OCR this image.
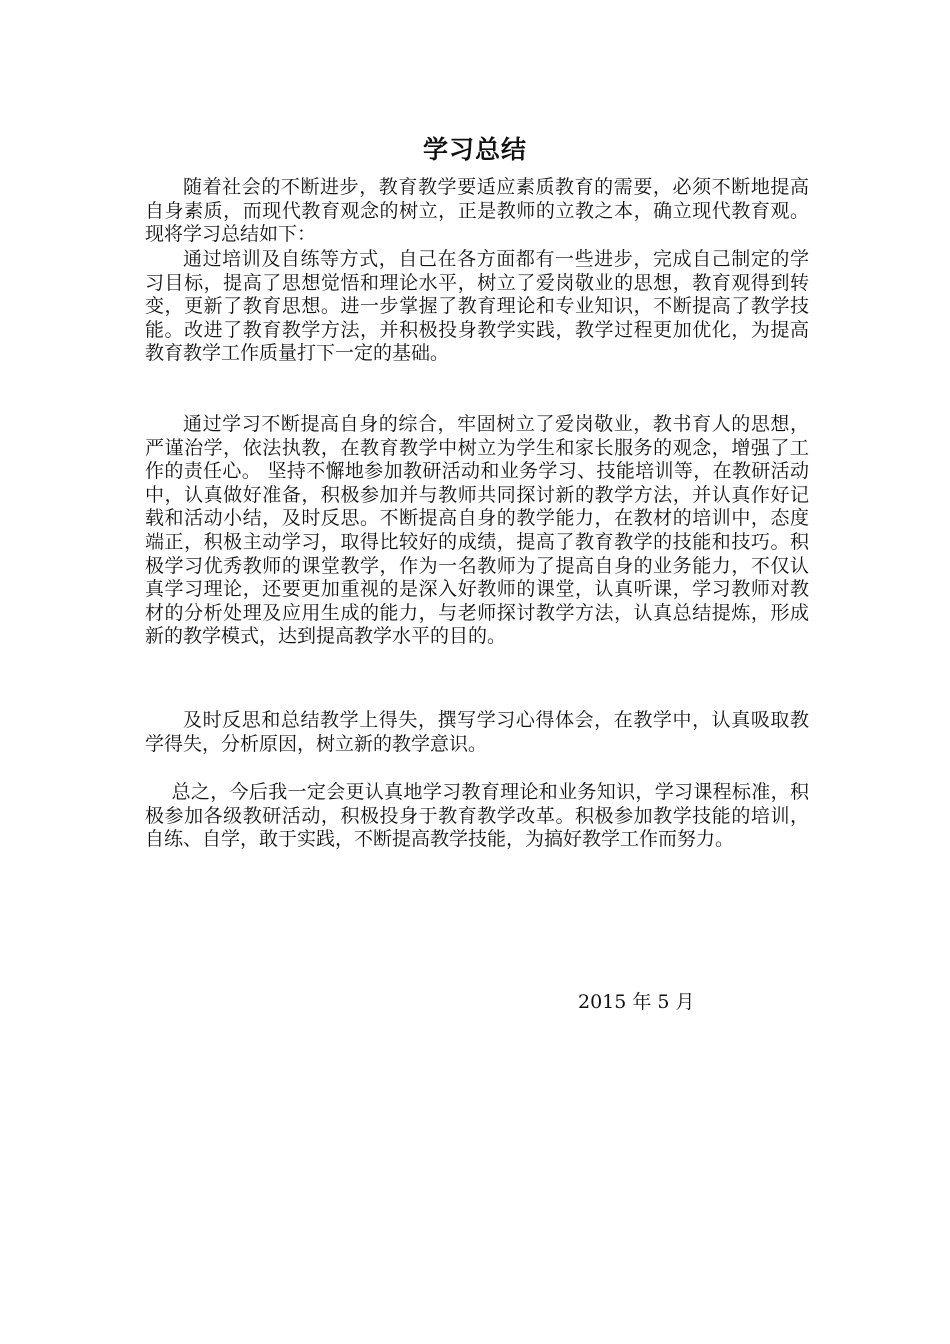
学习总结

随着社会的不断进步，教育教学要适应素质教育的需要，必须不断地提高自身素质，而现代教育观念的树立，正是教师的立教之本，确立现代教育观。 现将学习总结如下：

通过培训及自练等方式，自己在各方面都有一些进步，完成自己制定的学习目标，提高了思想觉悟和理论水平，树立了爱岗敬业的思想，教育观得到转变，更新了教育思想。进一步掌握了教育理论和专业知识，不断提高了教学技能。改进了教育教学方法，并积极投身教学实践，教学过程更加优化，为提高教育教学工作质量打下一定的基础。

通过学习不断提高自身的综合，牢固树立了爱岗敬业，教书育人的思想，严谨治学，依法执教，在教育教学中树立为学生和家长服务的观念，增强了工作的责任心。 坚持不懈地参加教研活动和业务学习、技能培训等，在教研活动中，认真做好准备，积极参加并与教师共同探讨新的教学方法，并认真作好记载和活动小结，及时反思。不断提高自身的教学能力，在教材的培训中，态度端正，积极主动学习，取得比较好的成绩，提高了教育教学的技能和技巧。积极学习优秀教师的课堂教学，作为一名教师为了提高自身的业务能力，不仅认真学习理论，还要更加重视的是深入好教师的课堂，认真听课，学习教师对教材的分析处理及应用生成的能力，与老师探讨教学方法，认真总结提炼，形成新的教学模式，达到提高教学水平的目的。

及时反思和总结教学上得失，撰写学习心得体会，在教学中，认真吸取教学得失，分析原因，树立新的教学意识。

总之，今后我一定会更认真地学习教育理论和业务知识，学习课程标准，积极参加各级教研活动，积极投身于教育教学改革。积极参加教学技能的培训，自练、自学，敢于实践，不断提高教学技能，为搞好教学工作而努力。

2015 年 5 月
